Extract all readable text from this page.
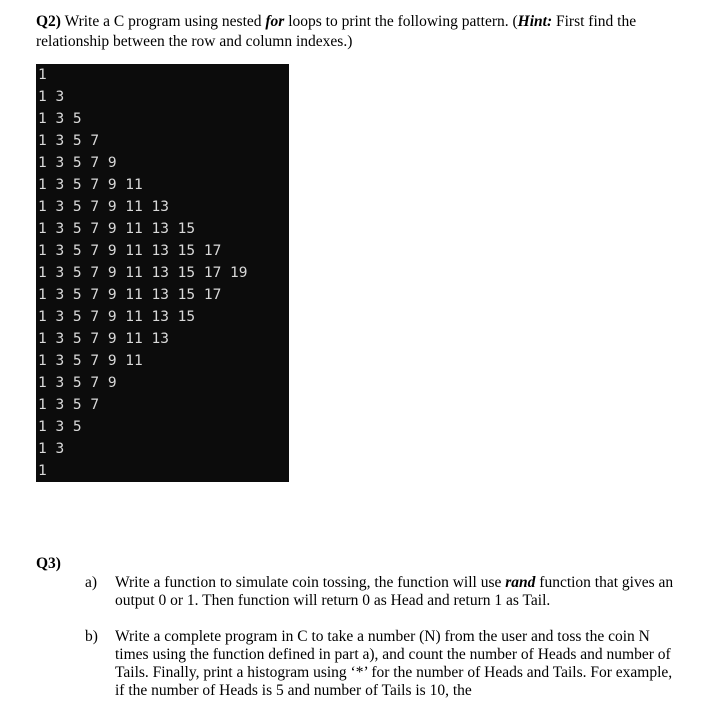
Q2) Write a C program using nested for loops to print the following pattern. (Hint: First find the relationship between the row and column indexes.)
1
1 3
1 3 5
1 3 5 7
1 3 5 7 9
1 3 5 7 9 11
1 3 5 7 9 11 13
1 3 5 7 9 11 13 15
1 3 5 7 9 11 13 15 17
1 3 5 7 9 11 13 15 17 19
1 3 5 7 9 11 13 15 17
1 3 5 7 9 11 13 15
1 3 5 7 9 11 13
1 3 5 7 9 11
1 3 5 7 9
1 3 5 7
1 3 5
1 3
1
Q3)
a) Write a function to simulate coin tossing, the function will use rand function that gives an output 0 or 1. Then function will return 0 as Head and return 1 as Tail.
b) Write a complete program in C to take a number (N) from the user and toss the coin N times using the function defined in part a), and count the number of Heads and number of Tails. Finally, print a histogram using ‘*’ for the number of Heads and Tails. For example, if the number of Heads is 5 and number of Tails is 10, the
